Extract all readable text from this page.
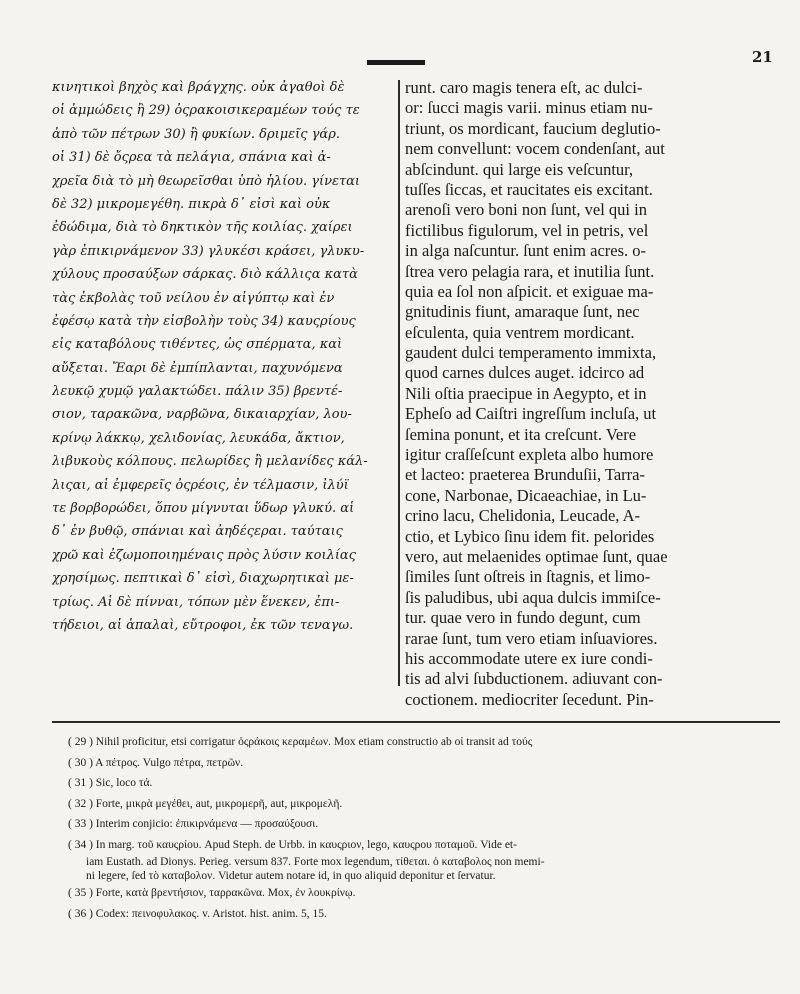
21
κινητικοὶ βηχὸς καὶ βράγχης. οὐκ ἀγαθοὶ δὲ
οἱ ἀμμώδεις ἢ 29) ὀςρακοισικεραμέων τούς τε
ἀπὸ τῶν πέτρων 30) ἢ φυκίων. δριμεῖς γάρ.
οἱ 31) δὲ ὄςρεα τὰ πελάγια, σπάνια καὶ ἀ-
χρεῖα διὰ τὸ μὴ θεωρεῖσθαι ὑπὸ ἡλίου. γίνεται
δὲ 32) μικρομεγέθη. πικρὰ δ᾽ εἰσὶ καὶ οὐκ
ἐδώδιμα, διὰ τὸ δηκτικὸν τῆς κοιλίας. χαίρει
γὰρ ἐπικιρνάμενον 33) γλυκέσι κράσει, γλυκυ-
χύλους προσαύξων σάρκας. διὸ κάλλιςα κατὰ
τὰς ἐκβολὰς τοῦ νείλου ἐν αἰγύπτῳ καὶ ἐν
ἐφέσῳ κατὰ τὴν εἰσβολὴν τοὺς 34) καυςρίους
εἰς καταβόλους τιθέντες, ὡς σπέρματα, καὶ
αὔξεται. Ἔαρι δὲ ἐμπίπλανται, παχυνόμενα
λευκῷ χυμῷ γαλακτώδει. πάλιν 35) βρεντέ-
σιον, ταρακῶνα, ναρβῶνα, δικαιαρχίαν, λου-
κρίνῳ λάκκῳ, χελιδονίας, λευκάδα, ἄκτιον,
λιβυκοὺς κόλπους. πελωρίδες ἢ μελανίδες κάλ-
λιςαι, αἱ ἐμφερεῖς ὀςρέοις, ἐν τέλμασιν, ἰλύϊ
τε βορβορώδει, ὅπου μίγνυται ὕδωρ γλυκύ. αἱ
δ᾽ ἐν βυθῷ, σπάνιαι καὶ ἀηδέςεραι. ταύταις
χρῶ καὶ ἐζωμοποιημέναις πρὸς λύσιν κοιλίας
χρησίμως. πεπτικαὶ δ᾽ εἰσὶ, διαχωρητικαὶ με-
τρίως. Αἱ δὲ πίνναι, τόπων μὲν ἕνεκεν, ἐπι-
τήδειοι, αἱ ἁπαλαὶ, εὔτροφοι, ἐκ τῶν τεναγω.
runt. caro magis tenera eſt, ac dulci-
or: ſucci magis varii. minus etiam nu-
triunt, os mordicant, faucium deglutio-
nem convellunt: vocem condenſant, aut
abſcindunt. qui large eis veſcuntur,
tuſſes ſiccas, et raucitates eis excitant.
arenoſi vero boni non ſunt, vel qui in
fictilibus figulorum, vel in petris, vel
in alga naſcuntur. ſunt enim acres. o-
ſtrea vero pelagia rara, et inutilia ſunt.
quia ea ſol non aſpicit. et exiguae ma-
gnitudinis fiunt, amaraque ſunt, nec
eſculenta, quia ventrem mordicant.
gaudent dulci temperamento immixta,
quod carnes dulces auget. idcirco ad
Nili oſtia praecipue in Aegypto, et in
Epheſo ad Caiſtri ingreſſum incluſa, ut
ſemina ponunt, et ita creſcunt. Vere
igitur craſſeſcunt expleta albo humore
et lacteo: praeterea Brunduſii, Tarra-
cone, Narbonae, Dicaeachiae, in Lu-
crino lacu, Chelidonia, Leucade, A-
ctio, et Lybico ſinu idem fit. pelorides
vero, aut melaenides optimae ſunt, quae
ſimiles ſunt oſtreis in ſtagnis, et limo-
ſis paludibus, ubi aqua dulcis immiſce-
tur. quae vero in fundo degunt, cum
rarae ſunt, tum vero etiam inſuaviores.
his accommodate utere ex iure condi-
tis ad alvi ſubductionem. adiuvant con-
coctionem. mediocriter ſecedunt. Pin-
( 29 ) Nihil proficitur, etsi corrigatur ὀςράκοις κεραμέων. Mox etiam constructio ab οἱ transit ad τούς
( 30 ) A πέτρος. Vulgo πέτρα, πετρῶν.
( 31 ) Sic, loco τά.
( 32 ) Forte, μικρὰ μεγέθει, aut, μικρομερῆ, aut, μικρομελῆ.
( 33 ) Interim conjicio: ἐπικιρνάμενα — προσαύξουσι.
( 34 ) In marg. τοῦ καυςρίου. Apud Steph. de Urbb. in καυςριον, lego, καυςρου ποταμοῦ. Vide et-
iam Eustath. ad Dionys. Perieg. versum 837. Forte mox legendum, τίθεται. ὁ καταβολος non memi-
ni legere, ſed τὸ καταβολον. Videtur autem notare id, in quo aliquid deponitur et ſervatur.
( 35 ) Forte, κατὰ βρεντήσιον, ταρρακῶνα. Mox, ἐν λουκρίνῳ.
( 36 ) Codex: πεινοφυλακος. v. Aristot. hist. anim. 5, 15.
